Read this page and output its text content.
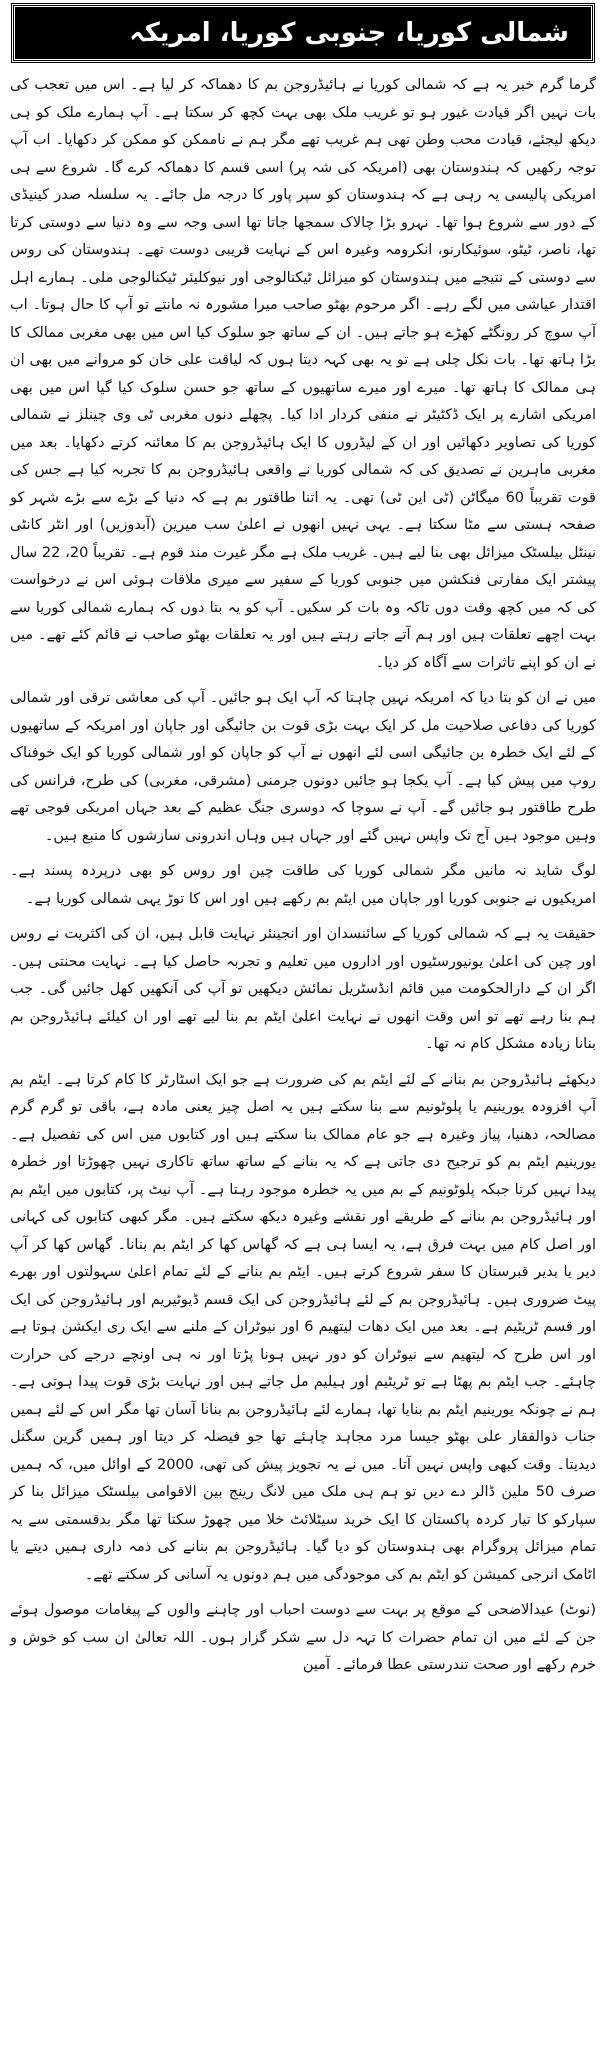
شمالی کوریا، جنوبی کوریا، امریکہ

گرما گرم خبر یہ ہے کہ شمالی کوریا نے ہائیڈروجن بم کا دھماکہ کر لیا ہے۔ اس میں تعجب کی بات نہیں اگر قیادت غیور ہو تو غریب ملک بھی بہت کچھ کر سکتا ہے۔ آپ ہمارے ملک کو ہی دیکھ لیجئے، قیادت محب وطن تھی ہم غریب تھے مگر ہم نے ناممکن کو ممکن کر دکھایا۔ اب آپ توجہ رکھیں کہ ہندوستان بھی (امریکہ کی شہ پر) اسی قسم کا دھماکہ کرے گا۔ شروع سے ہی امریکی پالیسی یہ رہی ہے کہ ہندوستان کو سپر پاور کا درجہ مل جائے۔ یہ سلسلہ صدر کینیڈی کے دور سے شروع ہوا تھا۔ نہرو بڑا چالاک سمجھا جاتا تھا اسی وجہ سے وہ دنیا سے دوستی کرتا تھا، ناصر، ٹیٹو، سوئیکارنو، انکرومہ وغیرہ اس کے نہایت قریبی دوست تھے۔ ہندوستان کی روس سے دوستی کے نتیجے میں ہندوستان کو میزائل ٹیکنالوجی اور نیوکلیئر ٹیکنالوجی ملی۔ ہمارے اہل اقتدار عیاشی میں لگے رہے۔ اگر مرحوم بھٹو صاحب میرا مشورہ نہ مانتے تو آپ کا حال ہوتا۔ اب آپ سوچ کر رونگٹے کھڑے ہو جاتے ہیں۔ ان کے ساتھ جو سلوک کیا اس میں بھی مغربی ممالک کا بڑا ہاتھ تھا۔ بات نکل چلی ہے تو یہ بھی کہہ دیتا ہوں کہ لیاقت علی خان کو مروانے میں بھی ان ہی ممالک کا ہاتھ تھا۔ میرے اور میرے ساتھیوں کے ساتھ جو حسن سلوک کیا گیا اس میں بھی امریکی اشارے پر ایک ڈکٹیٹر نے منفی کردار ادا کیا۔ پچھلے دنوں مغربی ٹی وی چینلز نے شمالی کوریا کی تصاویر دکھائیں اور ان کے لیڈروں کا ایک ہائیڈروجن بم کا معائنہ کرتے دکھایا۔ بعد میں مغربی ماہرین نے تصدیق کی کہ شمالی کوریا نے واقعی ہائیڈروجن بم کا تجربہ کیا ہے جس کی قوت تقریباً 60 میگاٹن (ٹی این ٹی) تھی۔ یہ اتنا طاقتور بم ہے کہ دنیا کے بڑے سے بڑے شہر کو صفحہ ہستی سے مٹا سکتا ہے۔ یہی نہیں انھوں نے اعلیٰ سب میرین (آبدوزیں) اور انٹر کانٹی نینٹل بیلسٹک میزائل بھی بنا لیے ہیں۔ غریب ملک ہے مگر غیرت مند قوم ہے۔ تقریباً 20، 22 سال پیشتر ایک مفارتی فنکشن میں جنوبی کوریا کے سفیر سے میری ملاقات ہوئی اس نے درخواست کی کہ میں کچھ وقت دوں تاکہ وہ بات کر سکیں۔ آپ کو یہ بتا دوں کہ ہمارے شمالی کوریا سے بہت اچھے تعلقات ہیں اور ہم آتے جاتے رہتے ہیں اور یہ تعلقات بھٹو صاحب نے قائم کئے تھے۔ میں نے ان کو اپنے تاثرات سے آگاہ کر دیا۔

میں نے ان کو بتا دیا کہ امریکہ نہیں چاہتا کہ آپ ایک ہو جائیں۔ آپ کی معاشی ترقی اور شمالی کوریا کی دفاعی صلاحیت مل کر ایک بہت بڑی قوت بن جائیگی اور جاپان اور امریکہ کے ساتھیوں کے لئے ایک خطرہ بن جائیگی اسی لئے انھوں نے آپ کو جاپان کو اور شمالی کوریا کو ایک خوفناک روپ میں پیش کیا ہے۔ آپ یکجا ہو جائیں دونوں جرمنی (مشرقی، مغربی) کی طرح، فرانس کی طرح طاقتور ہو جائیں گے۔ آپ نے سوچا کہ دوسری جنگ عظیم کے بعد جہاں امریکی فوجی تھے وہیں موجود ہیں آج تک واپس نہیں گئے اور جہاں ہیں وہاں اندرونی سازشوں کا منبع ہیں۔

لوگ شاید نہ مانیں مگر شمالی کوریا کی طاقت چین اور روس کو بھی درپردہ پسند ہے۔ امریکیوں نے جنوبی کوریا اور جاپان میں ایٹم بم رکھے ہیں اور اس کا توڑ یہی شمالی کوریا ہے۔

حقیقت یہ ہے کہ شمالی کوریا کے سائنسدان اور انجینئر نہایت قابل ہیں، ان کی اکثریت نے روس اور چین کی اعلیٰ یونیورسٹیوں اور اداروں میں تعلیم و تجربہ حاصل کیا ہے۔ نہایت محنتی ہیں۔ اگر ان کے دارالحکومت میں قائم انڈسٹریل نمائش دیکھیں تو آپ کی آنکھیں کھل جائیں گی۔ جب ہم بنا رہے تھے تو اس وقت انھوں نے نہایت اعلیٰ ایٹم بم بنا لیے تھے اور ان کیلئے ہائیڈروجن بم بنانا زیادہ مشکل کام نہ تھا۔

دیکھئے ہائیڈروجن بم بنانے کے لئے ایٹم بم کی ضرورت ہے جو ایک اسٹارٹر کا کام کرتا ہے۔ ایٹم بم آپ افزودہ یورینیم یا پلوٹونیم سے بنا سکتے ہیں یہ اصل چیز یعنی مادہ ہے، باقی تو گرم گرم مصالحہ، دھنیا، پیاز وغیرہ ہے جو عام ممالک بنا سکتے ہیں اور کتابوں میں اس کی تفصیل ہے۔ یورینیم ایٹم بم کو ترجیح دی جاتی ہے کہ یہ بنانے کے ساتھ ساتھ تاکاری نہیں چھوڑتا اور خطرہ پیدا نہیں کرتا جبکہ پلوٹونیم کے بم میں یہ خطرہ موجود رہتا ہے۔ آپ نیٹ پر، کتابوں میں ایٹم بم اور ہائیڈروجن بم بنانے کے طریقے اور نقشے وغیرہ دیکھ سکتے ہیں۔ مگر کبھی کتابوں کی کہانی اور اصل کام میں بہت فرق ہے، یہ ایسا ہی ہے کہ گھاس کھا کر ایٹم بم بنانا۔ گھاس کھا کر آپ دیر یا بدیر قبرستان کا سفر شروع کرتے ہیں۔ ایٹم بم بنانے کے لئے تمام اعلیٰ سہولتوں اور بھرے پیٹ ضروری ہیں۔ ہائیڈروجن بم کے لئے ہائیڈروجن کی ایک قسم ڈیوٹیریم اور ہائیڈروجن کی ایک اور قسم ٹریٹیم ہے۔ بعد میں ایک دھات لیتھیم 6 اور نیوٹران کے ملنے سے ایک ری ایکشن ہوتا ہے اور اس طرح کہ لیتھیم سے نیوٹران کو دور نہیں ہونا پڑتا اور نہ ہی اونچے درجے کی حرارت چاہئے۔ جب ایٹم بم پھٹا ہے تو ٹریٹیم اور ہیلیم مل جاتے ہیں اور نہایت بڑی قوت پیدا ہوتی ہے۔ ہم نے چونکہ یورینیم ایٹم بم بنایا تھا، ہمارے لئے ہائیڈروجن بم بنانا آسان تھا مگر اس کے لئے ہمیں جناب ذوالفقار علی بھٹو جیسا مرد مجاہد چاہئے تھا جو فیصلہ کر دیتا اور ہمیں گرین سگنل دیدیتا۔ وقت کبھی واپس نہیں آتا۔ میں نے یہ تجویز پیش کی تھی، 2000 کے اوائل میں، کہ ہمیں صرف 50 ملین ڈالر دے دیں تو ہم ہی ملک میں لانگ رینج بین الاقوامی بیلسٹک میزائل بنا کر سپارکو کا تیار کردہ پاکستان کا ایک خرید سیٹلائٹ خلا میں چھوڑ سکتا تھا مگر بدقسمتی سے یہ تمام میزائل پروگرام بھی ہندوستان کو دیا گیا۔ ہائیڈروجن بم بنانے کی ذمہ داری ہمیں دیتے یا اٹامک انرجی کمیشن کو ایٹم بم کی موجودگی میں ہم دونوں یہ آسانی کر سکتے تھے۔

(نوٹ) عیدالاضحی کے موقع پر بہت سے دوست احباب اور چاہنے والوں کے پیغامات موصول ہوئے جن کے لئے میں ان تمام حضرات کا تہہ دل سے شکر گزار ہوں۔ اللہ تعالیٰ ان سب کو خوش و خرم رکھے اور صحت تندرستی عطا فرمائے۔ آمین
